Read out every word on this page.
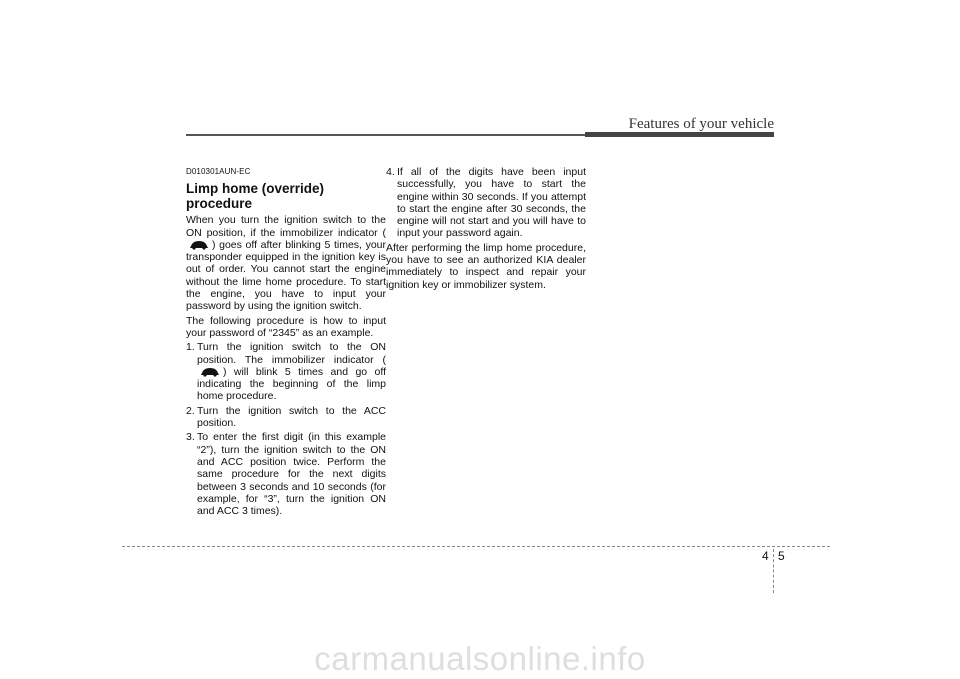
Features of your vehicle
D010301AUN-EC
Limp home (override) procedure

When you turn the ignition switch to the ON position, if the immobilizer indicator () goes off after blinking 5 times, your transponder equipped in the ignition key is out of order. You cannot start the engine without the lime home procedure. To start the engine, you have to input your password by using the ignition switch.

The following procedure is how to input your password of “2345” as an example.

1. Turn the ignition switch to the ON position. The immobilizer indicator () will blink 5 times and go off indicating the beginning of the limp home procedure.
2. Turn the ignition switch to the ACC position.
3. To enter the first digit (in this example “2”), turn the ignition switch to the ON and ACC position twice. Perform the same procedure for the next digits between 3 seconds and 10 seconds (for example, for “3”, turn the ignition ON and ACC 3 times).
4. If all of the digits have been input successfully, you have to start the engine within 30 seconds. If you attempt to start the engine after 30 seconds, the engine will not start and you will have to input your password again.

After performing the limp home procedure, you have to see an authorized KIA dealer immediately to inspect and repair your ignition key or immobilizer system.

4 5
carmanualsonline.info
